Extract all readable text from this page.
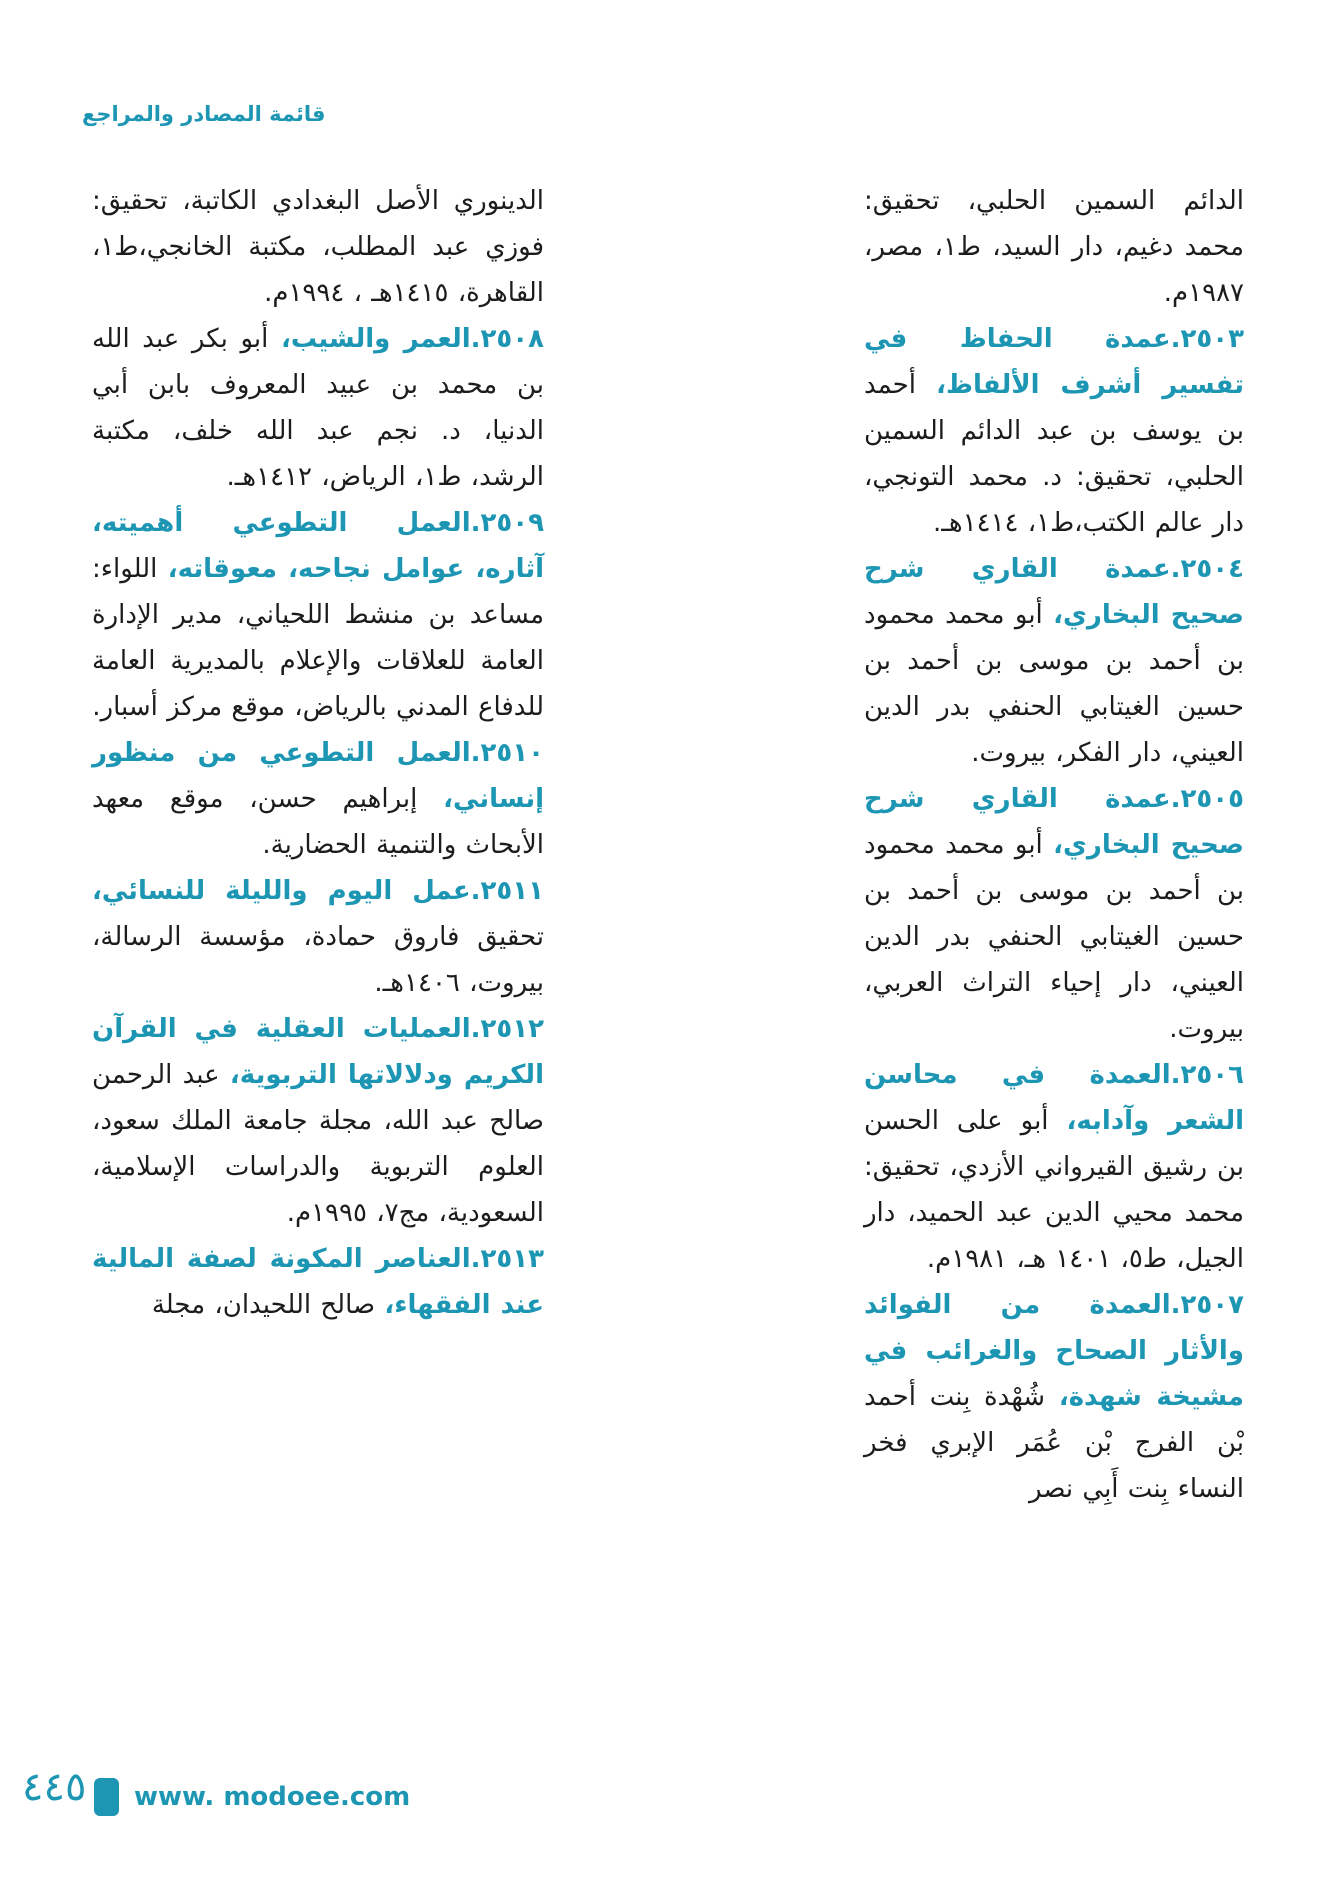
قائمة المصادر والمراجع

الدائم السمين الحلبي، تحقيق: محمد دغيم، دار السيد، ط١، مصر، ١٩٨٧م.

٢٥٠٣.عمدة الحفاظ في تفسير أشرف الألفاظ، أحمد بن يوسف بن عبد الدائم السمين الحلبي، تحقيق: د. محمد التونجي، دار عالم الكتب،ط١، ١٤١٤هـ.

٢٥٠٤.عمدة القاري شرح صحيح البخاري، أبو محمد محمود بن أحمد بن موسى بن أحمد بن حسين الغيتابي الحنفي بدر الدين العيني، دار الفكر، بيروت.

٢٥٠٥.عمدة القاري شرح صحيح البخاري، أبو محمد محمود بن أحمد بن موسى بن أحمد بن حسين الغيتابي الحنفي بدر الدين العيني، دار إحياء التراث العربي، بيروت.

٢٥٠٦.العمدة في محاسن الشعر وآدابه، أبو على الحسن بن رشيق القيرواني الأزدي، تحقيق: محمد محيي الدين عبد الحميد، دار الجيل، ط٥، ١٤٠١ هـ، ١٩٨١م.

٢٥٠٧.العمدة من الفوائد والأثار الصحاح والغرائب في مشيخة شهدة، شُهْدة بِنت أحمد بْن الفرج بْن عُمَر الإبري فخر النساء بِنت أَبِي نصر

الدينوري الأصل البغدادي الكاتبة، تحقيق: فوزي عبد المطلب، مكتبة الخانجي،ط١، القاهرة، ١٤١٥هـ ، ١٩٩٤م.

٢٥٠٨.العمر والشيب، أبو بكر عبد الله بن محمد بن عبيد المعروف بابن أبي الدنيا، د. نجم عبد الله خلف، مكتبة الرشد، ط١، الرياض، ١٤١٢هـ.

٢٥٠٩.العمل التطوعي أهميته، آثاره، عوامل نجاحه، معوقاته، اللواء: مساعد بن منشط اللحياني، مدير الإدارة العامة للعلاقات والإعلام بالمديرية العامة للدفاع المدني بالرياض، موقع مركز أسبار.

٢٥١٠.العمل التطوعي من منظور إنساني، إبراهيم حسن، موقع معهد الأبحاث والتنمية الحضارية.

٢٥١١.عمل اليوم والليلة للنسائي، تحقيق فاروق حمادة، مؤسسة الرسالة، بيروت، ١٤٠٦هـ.

٢٥١٢.العمليات العقلية في القرآن الكريم ودلالاتها التربوية، عبد الرحمن صالح عبد الله، مجلة جامعة الملك سعود، العلوم التربوية والدراسات الإسلامية، السعودية، مج٧، ١٩٩٥م.

٢٥١٣.العناصر المكونة لصفة المالية عند الفقهاء، صالح اللحيدان، مجلة

٤٤٥ www. modoee.com
